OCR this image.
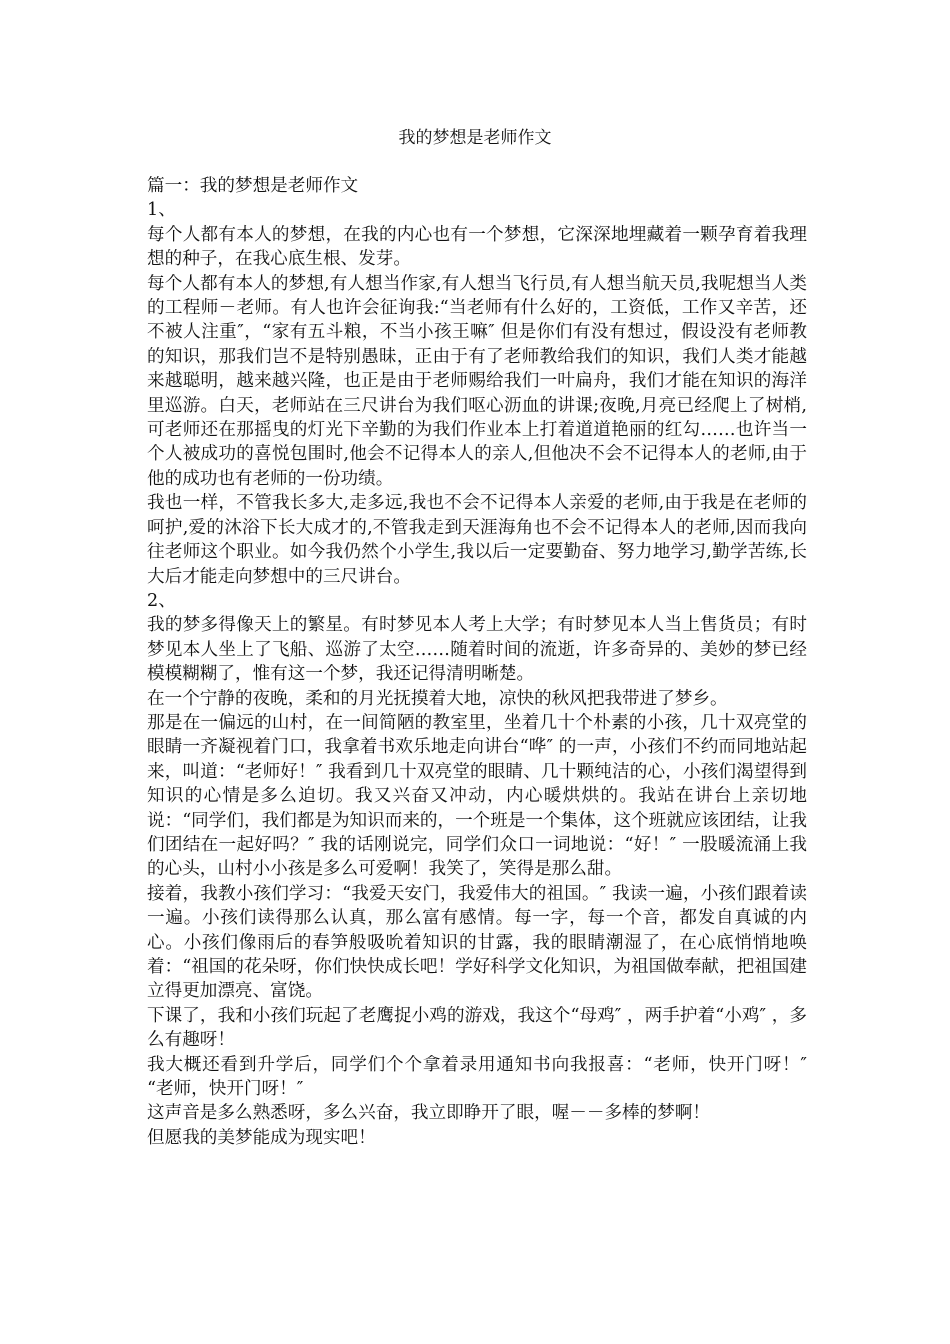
我的梦想是老师作文

篇一：我的梦想是老师作文

1、

每个人都有本人的梦想，在我的内心也有一个梦想，它深深地埋藏着一颗孕育着我理想的种子，在我心底生根、发芽。

每个人都有本人的梦想,有人想当作家,有人想当飞行员,有人想当航天员,我呢想当人类的工程师－老师。有人也许会征询我:“当老师有什么好的，工资低，工作又辛苦，还不被人注重″，“家有五斗粮，不当小孩王嘛″ 但是你们有没有想过，假设没有老师教的知识，那我们岂不是特别愚昧，正由于有了老师教给我们的知识，我们人类才能越来越聪明，越来越兴隆，也正是由于老师赐给我们一叶扁舟，我们才能在知识的海洋里巡游。白天，老师站在三尺讲台为我们呕心沥血的讲课;夜晚,月亮已经爬上了树梢,可老师还在那摇曳的灯光下辛勤的为我们作业本上打着道道艳丽的红勾……也许当一个人被成功的喜悦包围时,他会不记得本人的亲人,但他决不会不记得本人的老师,由于他的成功也有老师的一份功绩。

我也一样，不管我长多大,走多远,我也不会不记得本人亲爱的老师,由于我是在老师的呵护,爱的沐浴下长大成才的,不管我走到天涯海角也不会不记得本人的老师,因而我向往老师这个职业。如今我仍然个小学生,我以后一定要勤奋、努力地学习,勤学苦练,长大后才能走向梦想中的三尺讲台。

2、

我的梦多得像天上的繁星。有时梦见本人考上大学；有时梦见本人当上售货员；有时梦见本人坐上了飞船、巡游了太空……随着时间的流逝，许多奇异的、美妙的梦已经模模糊糊了，惟有这一个梦，我还记得清明晰楚。

在一个宁静的夜晚，柔和的月光抚摸着大地，凉快的秋风把我带进了梦乡。

那是在一偏远的山村，在一间简陋的教室里，坐着几十个朴素的小孩，几十双亮堂的眼睛一齐凝视着门口，我拿着书欢乐地走向讲台“哗″ 的一声，小孩们不约而同地站起来，叫道：“老师好！″ 我看到几十双亮堂的眼睛、几十颗纯洁的心，小孩们渴望得到知识的心情是多么迫切。我又兴奋又冲动，内心暖烘烘的。我站在讲台上亲切地说：“同学们，我们都是为知识而来的，一个班是一个集体，这个班就应该团结，让我们团结在一起好吗？″ 我的话刚说完，同学们众口一词地说：“好！″ 一股暖流涌上我的心头，山村小小孩是多么可爱啊！我笑了，笑得是那么甜。

接着，我教小孩们学习：“我爱天安门，我爱伟大的祖国。″ 我读一遍，小孩们跟着读一遍。小孩们读得那么认真，那么富有感情。每一字，每一个音，都发自真诚的内心。小孩们像雨后的春笋般吸吮着知识的甘露，我的眼睛潮湿了，在心底悄悄地唤着：“祖国的花朵呀，你们快快成长吧！学好科学文化知识，为祖国做奉献，把祖国建立得更加漂亮、富饶。

下课了，我和小孩们玩起了老鹰捉小鸡的游戏，我这个“母鸡″ ，两手护着“小鸡″ ，多么有趣呀！

我大概还看到升学后，同学们个个拿着录用通知书向我报喜：“老师，快开门呀！″ “老师，快开门呀！″

这声音是多么熟悉呀，多么兴奋，我立即睁开了眼，喔－－多棒的梦啊！

但愿我的美梦能成为现实吧！
